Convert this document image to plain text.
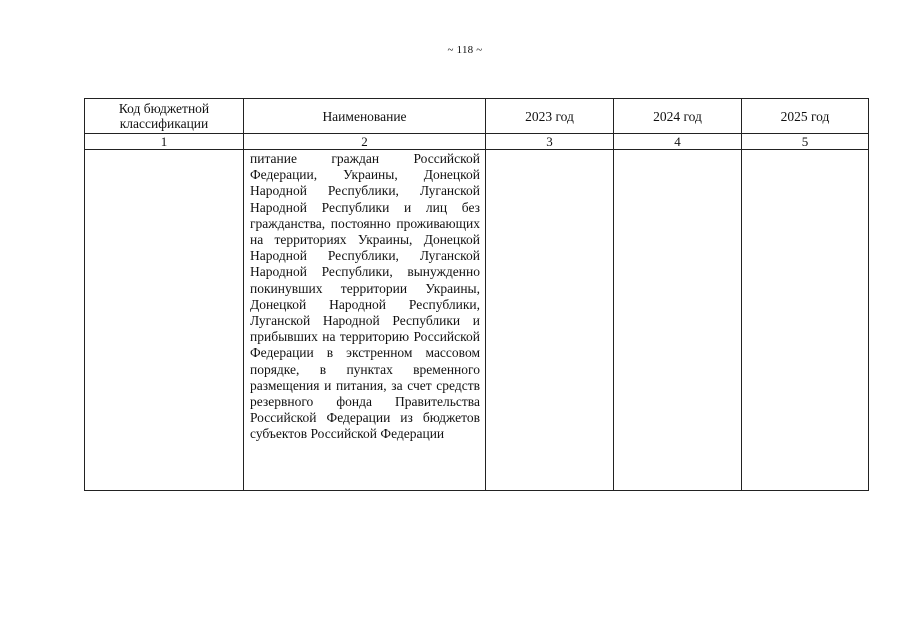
~ 118 ~
Код бюджетной классификации	Наименование	2023 год	2024 год	2025 год
1	2	3	4	5
	питание граждан Российской Федерации, Украины, Донецкой Народной Республики, Луганской Народной Республики и лиц без гражданства, постоянно проживающих на территориях Украины, Донецкой Народной Республики, Луганской Народной Республики, вынужденно покинувших территории Украины, Донецкой Народной Республики, Луганской Народной Республики и прибывших на территорию Российской Федерации в экстренном массовом порядке, в пунктах временного размещения и питания, за счет средств резервного фонда Правительства Российской Федерации из бюджетов субъектов Российской Федерации			
